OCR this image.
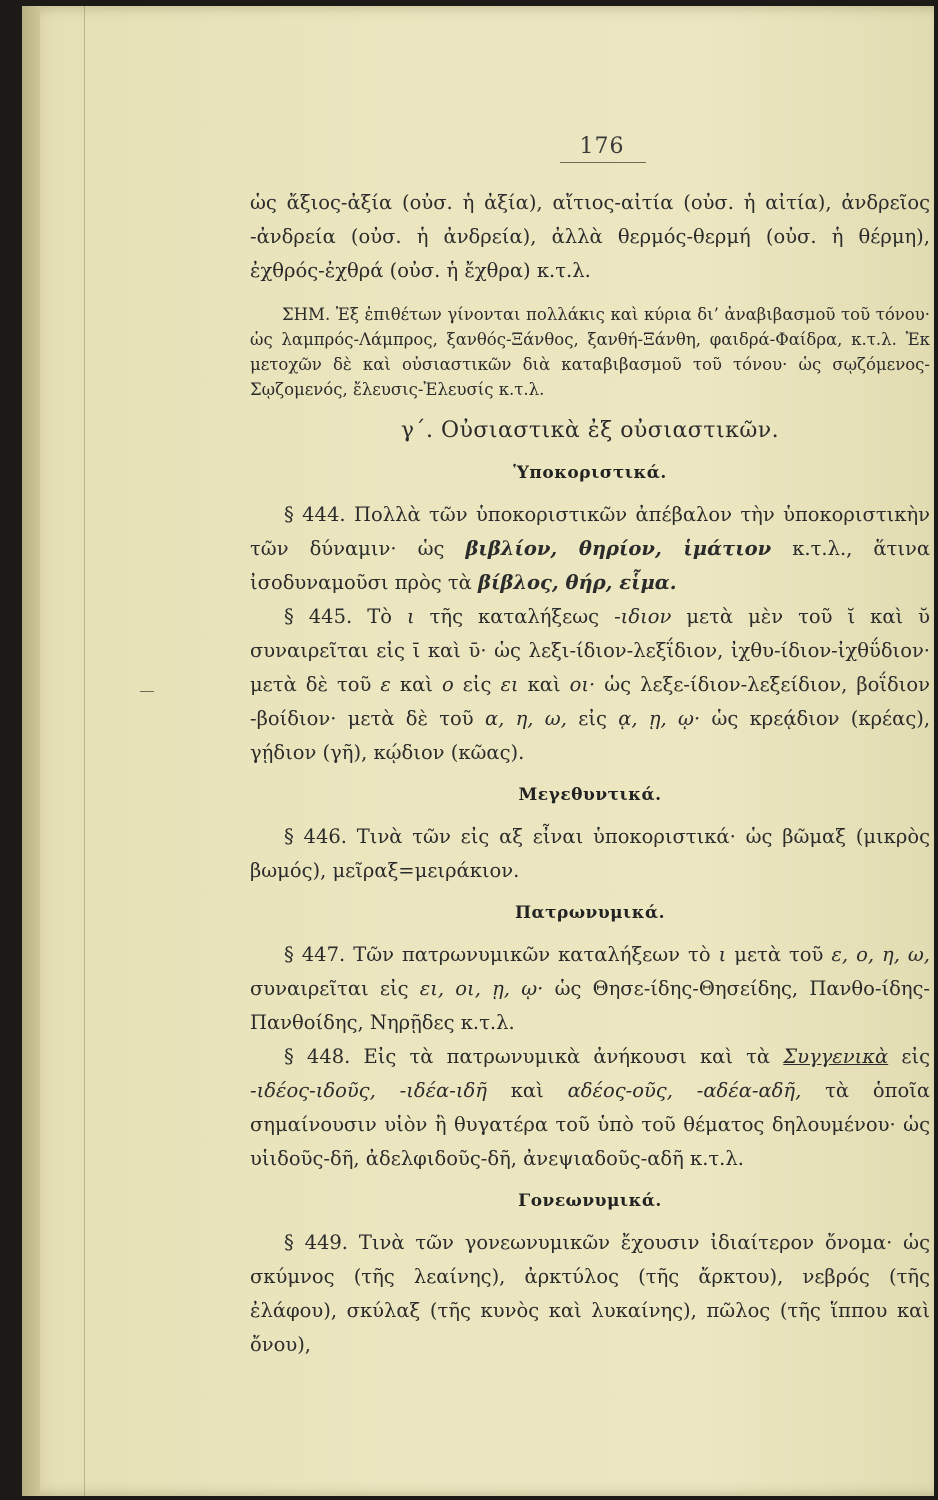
176

ὡς ἄξιος-ἀξία (οὐσ. ἡ ἀξία), αἴτιος-αἰτία (οὐσ. ἡ αἰτία), ἀνδρεῖος -ἀνδρεία (οὐσ. ἡ ἀνδρεία), ἀλλὰ θερμός-θερμή (οὐσ. ἡ θέρμη), ἐχθρός-ἐχθρά (οὐσ. ἡ ἔχθρα) κ.τ.λ.

ΣΗΜ. Ἐξ ἐπιθέτων γίνονται πολλάκις καὶ κύρια δι’ ἀναβιβασμοῦ τοῦ τόνου· ὡς λαμπρός-Λάμπρος, ξανθός-Ξάνθος, ξανθή-Ξάνθη, φαιδρά-Φαίδρα, κ.τ.λ. Ἐκ μετοχῶν δὲ καὶ οὐσιαστικῶν διὰ καταβιβασμοῦ τοῦ τόνου· ὡς σῳζόμενος-Σῳζομενός, ἔλευσις-Ἐλευσίς κ.τ.λ.

γ΄. Οὐσιαστικὰ ἐξ οὐσιαστικῶν.
Ὑποκοριστικά.

§ 444. Πολλὰ τῶν ὑποκοριστικῶν ἀπέβαλον τὴν ὑποκοριστικὴν τῶν δύναμιν· ὡς βιβλίον, θηρίον, ἱμάτιον κ.τ.λ., ἅτινα ἰσοδυναμοῦσι πρὸς τὰ βίβλος, θήρ, εἷμα.

§ 445. Τὸ ι τῆς καταλήξεως -ιδιον μετὰ μὲν τοῦ ῐ καὶ ῠ συναιρεῖται εἰς ῑ καὶ ῡ· ὡς λεξι-ίδιον-λεξΐδιον, ἰχθυ-ίδιον-ἰχθΰδιον· μετὰ δὲ τοῦ ε καὶ ο εἰς ει καὶ οι· ὡς λεξε-ίδιον-λεξείδιον, βοΐδιον -βοίδιον· μετὰ δὲ τοῦ α, η, ω, εἰς ᾳ, ῃ, ῳ· ὡς κρεᾴδιον (κρέας), γῄδιον (γῆ), κῴδιον (κῶας).

Μεγεθυντικά.

§ 446. Τινὰ τῶν εἰς αξ εἶναι ὑποκοριστικά· ὡς βῶμαξ (μικρὸς βωμός), μεῖραξ=μειράκιον.

Πατρωνυμικά.

§ 447. Τῶν πατρωνυμικῶν καταλήξεων τὸ ι μετὰ τοῦ ε, ο, η, ω, συναιρεῖται εἰς ει, οι, ῃ, ῳ· ὡς Θησε-ίδης-Θησείδης, Πανθο-ίδης-Πανθοίδης, Νηρῇδες κ.τ.λ.

§ 448. Εἰς τὰ πατρωνυμικὰ ἀνήκουσι καὶ τὰ Συγγενικὰ εἰς -ιδέος-ιδοῦς, -ιδέα-ιδῆ καὶ αδέος-οῦς, -αδέα-αδῆ, τὰ ὁποῖα σημαίνουσιν υἱὸν ἢ θυγατέρα τοῦ ὑπὸ τοῦ θέματος δηλουμένου· ὡς υἱιδοῦς-δῆ, ἀδελφιδοῦς-δῆ, ἀνεψιαδοῦς-αδῆ κ.τ.λ.

Γονεωνυμικά.

§ 449. Τινὰ τῶν γονεωνυμικῶν ἔχουσιν ἰδιαίτερον ὄνομα· ὡς σκύμνος (τῆς λεαίνης), ἀρκτύλος (τῆς ἄρκτου), νεβρός (τῆς ἐλάφου), σκύλαξ (τῆς κυνὸς καὶ λυκαίνης), πῶλος (τῆς ἵππου καὶ ὄνου),
